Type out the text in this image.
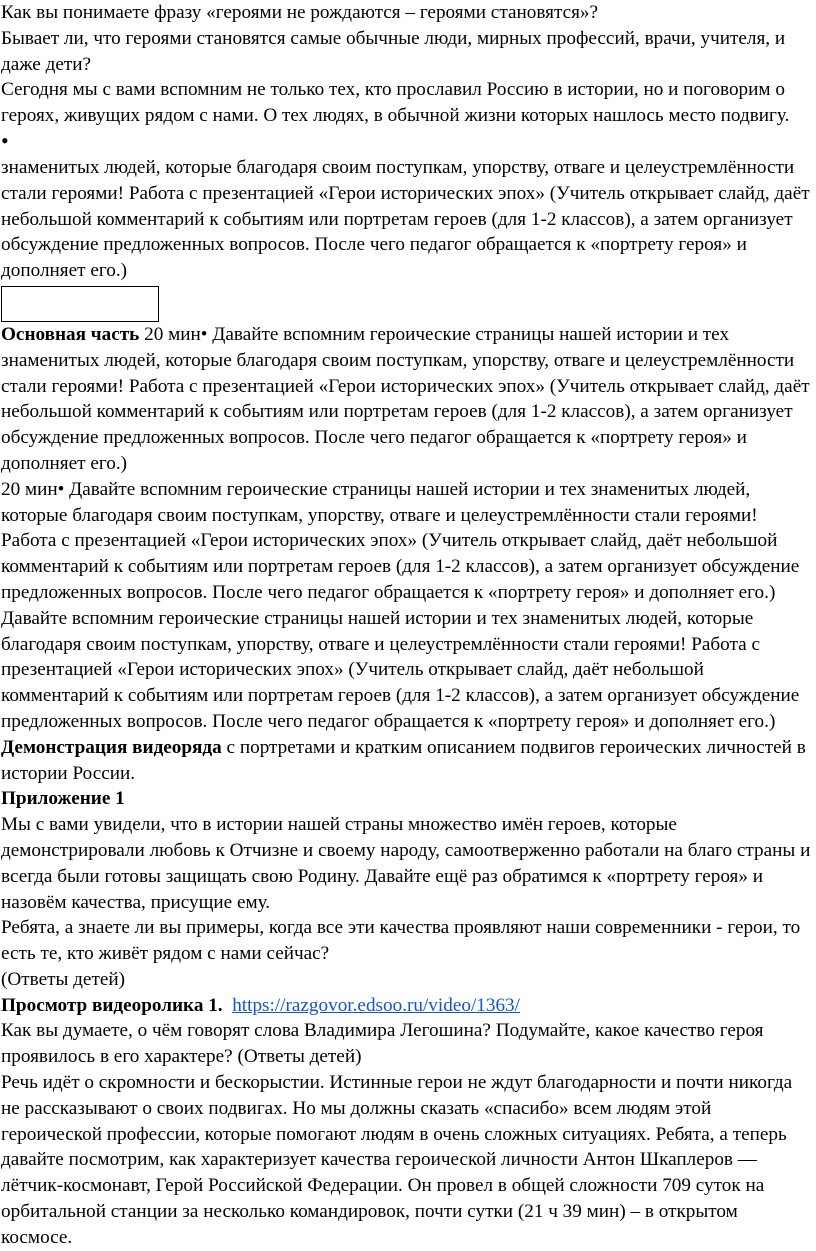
Как вы понимаете фразу «героями не рождаются – героями становятся»?

Бывает ли, что героями становятся самые обычные люди, мирных профессий, врачи, учителя, и даже дети?

Сегодня мы с вами вспомним не только тех, кто прославил Россию в истории, но и поговорим о героях, живущих рядом с нами. О тех людях, в обычной жизни которых нашлось место подвигу.

•

знаменитых людей, которые благодаря своим поступкам, упорству, отваге и целеустремлённости стали героями! Работа с презентацией «Герои исторических эпох» (Учитель открывает слайд, даёт небольшой комментарий к событиям или портретам героев (для 1-2 классов), а затем организует обсуждение предложенных вопросов. После чего педагог обращается к «портрету героя» и дополняет его.)

Основная часть 20 мин• Давайте вспомним героические страницы нашей истории и тех знаменитых людей, которые благодаря своим поступкам, упорству, отваге и целеустремлённости стали героями! Работа с презентацией «Герои исторических эпох» (Учитель открывает слайд, даёт небольшой комментарий к событиям или портретам героев (для 1-2 классов), а затем организует обсуждение предложенных вопросов. После чего педагог обращается к «портрету героя» и дополняет его.)

20 мин• Давайте вспомним героические страницы нашей истории и тех знаменитых людей, которые благодаря своим поступкам, упорству, отваге и целеустремлённости стали героями! Работа с презентацией «Герои исторических эпох» (Учитель открывает слайд, даёт небольшой комментарий к событиям или портретам героев (для 1-2 классов), а затем организует обсуждение предложенных вопросов. После чего педагог обращается к «портрету героя» и дополняет его.)

Давайте вспомним героические страницы нашей истории и тех знаменитых людей, которые благодаря своим поступкам, упорству, отваге и целеустремлённости стали героями! Работа с презентацией «Герои исторических эпох» (Учитель открывает слайд, даёт небольшой комментарий к событиям или портретам героев (для 1-2 классов), а затем организует обсуждение предложенных вопросов. После чего педагог обращается к «портрету героя» и дополняет его.)

Демонстрация видеоряда с портретами и кратким описанием подвигов героических личностей в истории России.

Приложение 1

Мы с вами увидели, что в истории нашей страны множество имён героев, которые демонстрировали любовь к Отчизне и своему народу, самоотверженно работали на благо страны и всегда были готовы защищать свою Родину. Давайте ещё раз обратимся к «портрету героя» и назовём качества, присущие ему.

Ребята, а знаете ли вы примеры, когда все эти качества проявляют наши современники - герои, то есть те, кто живёт рядом с нами сейчас?

(Ответы детей)

Просмотр видеоролика 1. https://razgovor.edsoo.ru/video/1363/

Как вы думаете, о чём говорят слова Владимира Легошина? Подумайте, какое качество героя проявилось в его характере? (Ответы детей)

Речь идёт о скромности и бескорыстии. Истинные герои не ждут благодарности и почти никогда не рассказывают о своих подвигах. Но мы должны сказать «спасибо» всем людям этой героической профессии, которые помогают людям в очень сложных ситуациях. Ребята, а теперь давайте посмотрим, как характеризует качества героической личности Антон Шкаплеров — лётчик-космонавт, Герой Российской Федерации. Он провел в общей сложности 709 суток на орбитальной станции за несколько командировок, почти сутки (21 ч 39 мин) – в открытом космосе.
